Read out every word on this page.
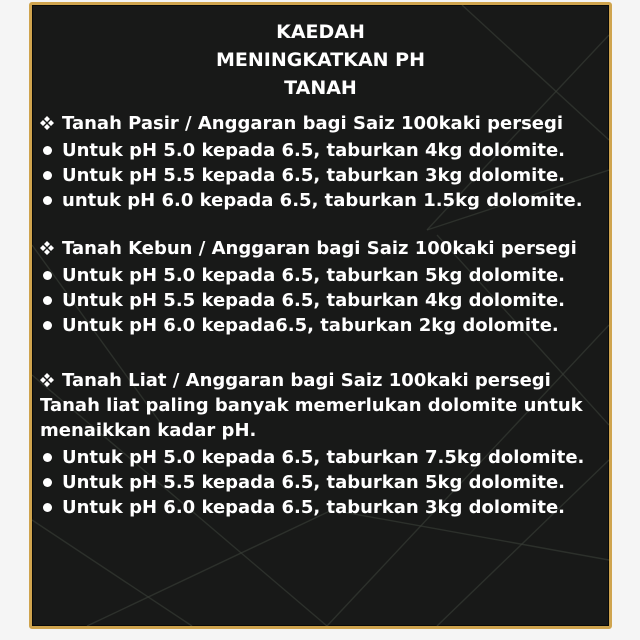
KAEDAH
MENINGKATKAN PH
TANAH
Tanah Pasir / Anggaran bagi Saiz 100kaki persegi
Untuk pH 5.0 kepada 6.5, taburkan 4kg dolomite.
Untuk pH 5.5 kepada 6.5, taburkan 3kg dolomite.
untuk pH 6.0 kepada 6.5, taburkan 1.5kg dolomite.
Tanah Kebun / Anggaran bagi Saiz 100kaki persegi
Untuk pH 5.0 kepada 6.5, taburkan 5kg dolomite.
Untuk pH 5.5 kepada 6.5, taburkan 4kg dolomite.
Untuk pH 6.0 kepada6.5, taburkan 2kg dolomite.
Tanah Liat / Anggaran bagi Saiz 100kaki persegi
Tanah liat paling banyak memerlukan dolomite untuk
menaikkan kadar pH.
Untuk pH 5.0 kepada 6.5, taburkan 7.5kg dolomite.
Untuk pH 5.5 kepada 6.5, taburkan 5kg dolomite.
Untuk pH 6.0 kepada 6.5, taburkan 3kg dolomite.
